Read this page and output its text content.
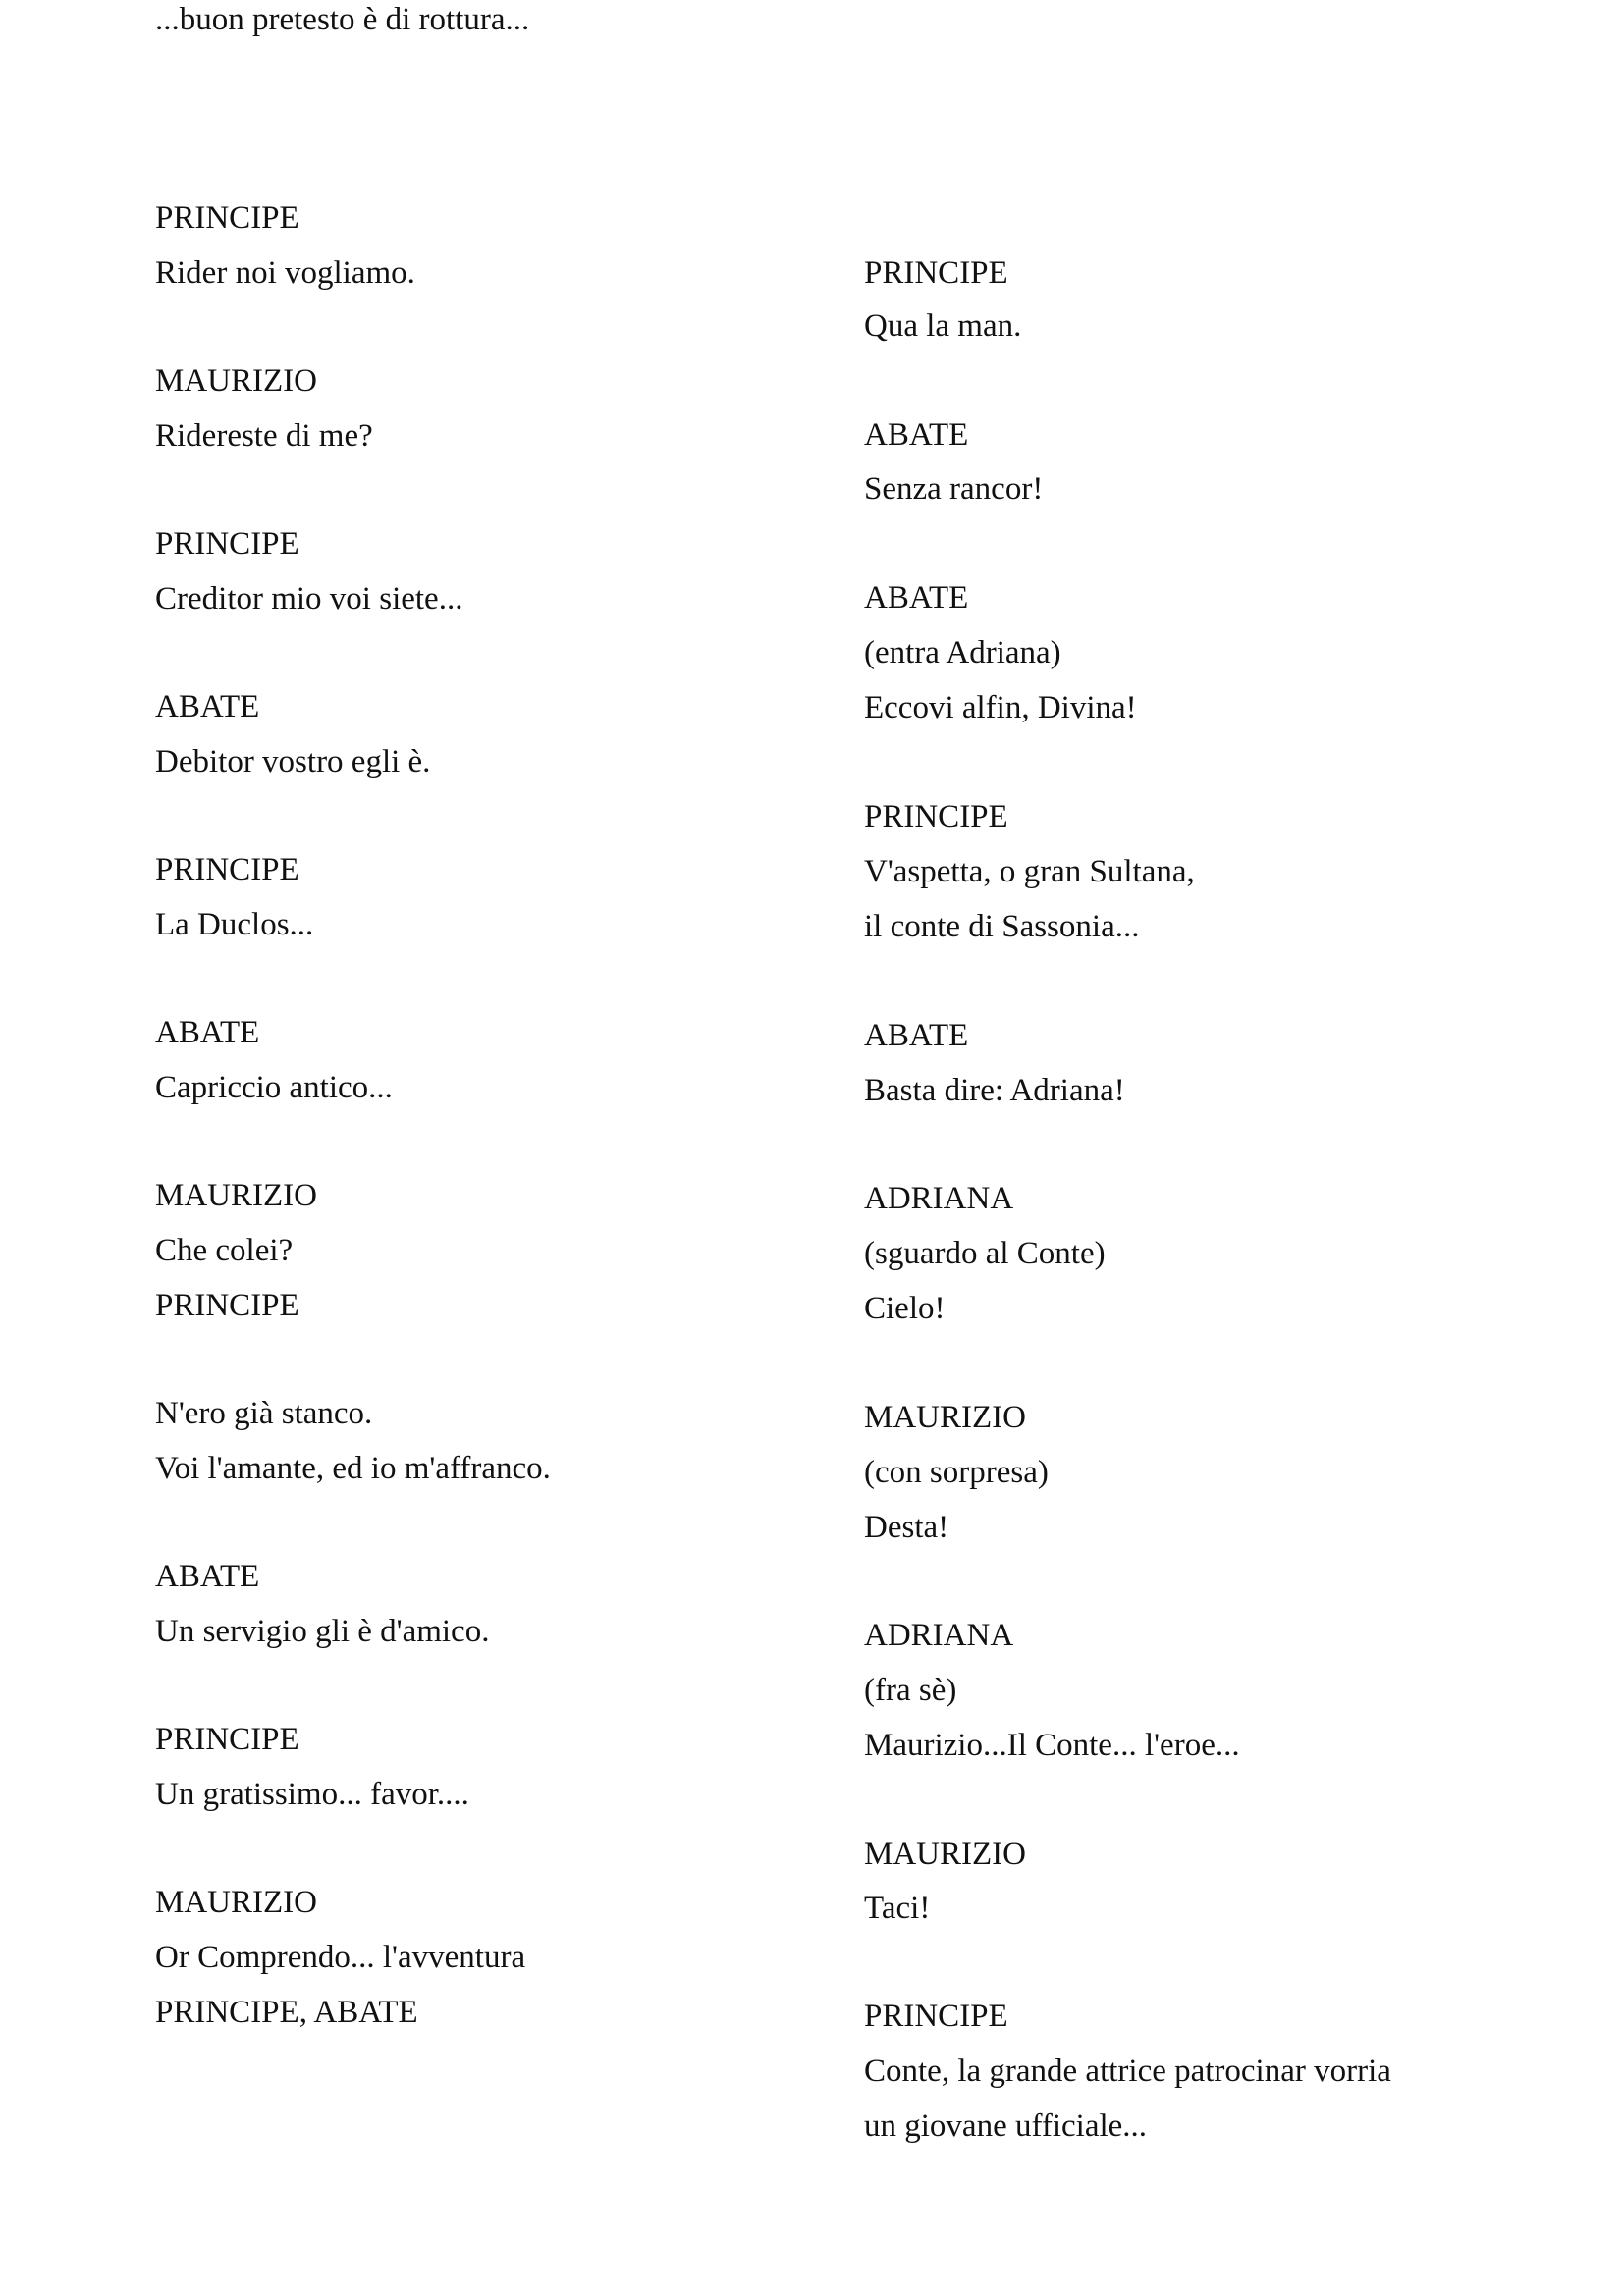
PRINCIPE
Rider noi vogliamo.
MAURIZIO
Ridereste di me?
PRINCIPE
Creditor mio voi siete...
ABATE
Debitor vostro egli è.
PRINCIPE
La Duclos...
ABATE
Capriccio antico...
MAURIZIO
Che colei?
PRINCIPE
N'ero già stanco.
Voi l'amante, ed io m'affranco.
ABATE
Un servigio gli è d'amico.
PRINCIPE
Un gratissimo... favor....
MAURIZIO
Or Comprendo... l'avventura
PRINCIPE, ABATE
...buon pretesto è di rottura...
PRINCIPE
Qua la man.
ABATE
Senza rancor!
ABATE
(entra Adriana)
Eccovi alfin, Divina!
PRINCIPE
V'aspetta, o gran Sultana,
il conte di Sassonia...
ABATE
Basta dire: Adriana!
ADRIANA
(sguardo al Conte)
Cielo!
MAURIZIO
(con sorpresa)
Desta!
ADRIANA
(fra sè)
Maurizio...Il Conte... l'eroe...
MAURIZIO
Taci!
PRINCIPE
Conte, la grande attrice patrocinar vorria
un giovane ufficiale...
